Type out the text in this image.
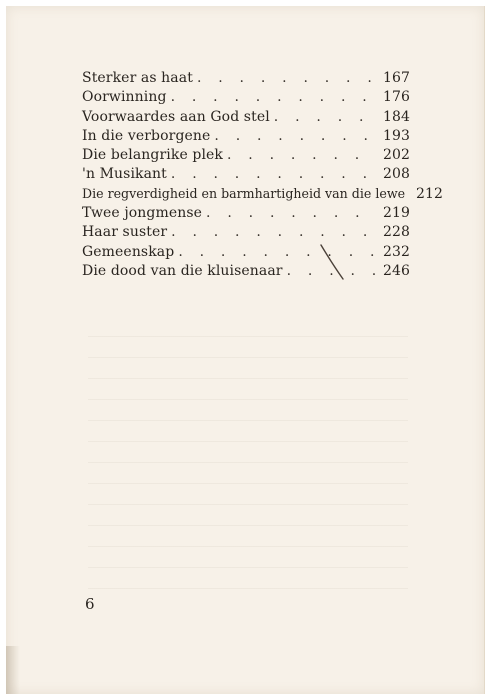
Sterker as haat . . .	167
Oorwinning . . .	176
Voorwaardes aan God stel . . .	184
In die verborgene . . .	193
Die belangrike plek . . .	202
'n Musikant . . .	208
Die regverdigheid en barmhartigheid van die lewe 212
Twee jongmense . . .	219
Haar suster . . .	228
Gemeenskap . . .	232
Die dood van die kluisenaar . . .	246
6
